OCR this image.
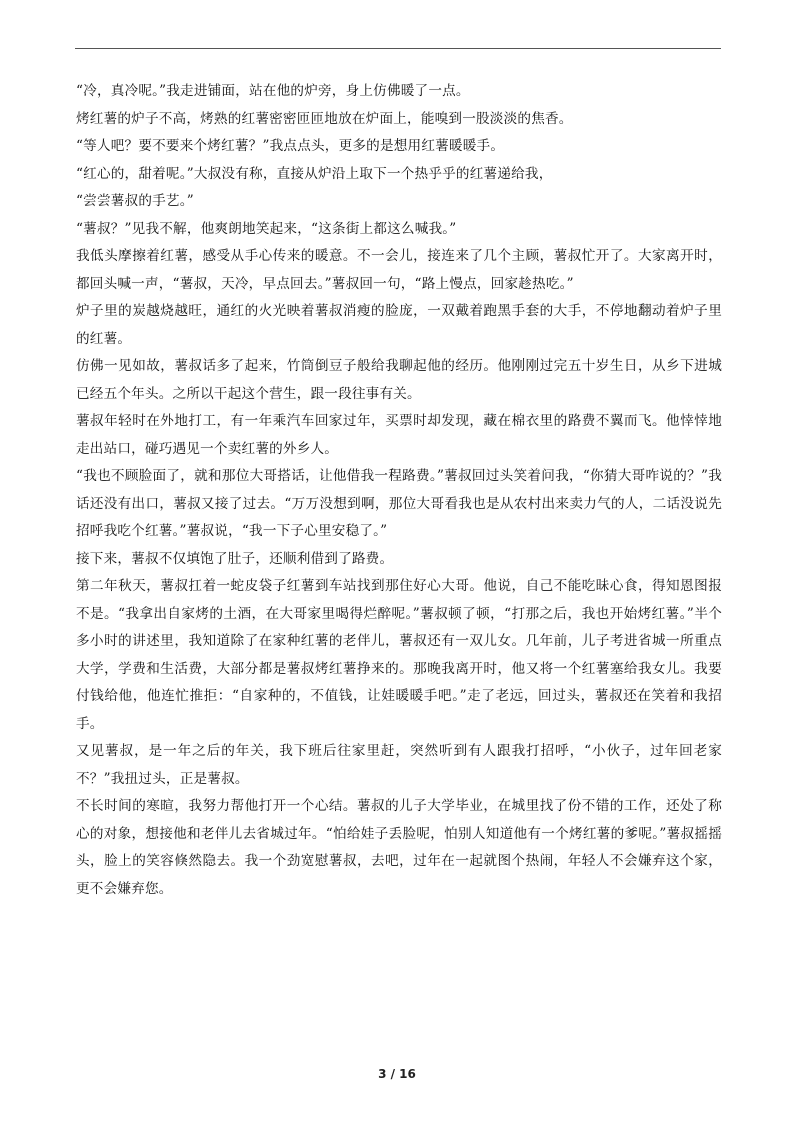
“冷，真冷呢。”我走进铺面，站在他的炉旁，身上仿佛暖了一点。

烤红薯的炉子不高，烤熟的红薯密密匝匝地放在炉面上，能嗅到一股淡淡的焦香。

“等人吧？要不要来个烤红薯？”我点点头，更多的是想用红薯暖暖手。

“红心的，甜着呢。”大叔没有称，直接从炉沿上取下一个热乎乎的红薯递给我，

“尝尝薯叔的手艺。”

“薯叔？”见我不解，他爽朗地笑起来，“这条街上都这么喊我。”

我低头摩擦着红薯，感受从手心传来的暖意。不一会儿，接连来了几个主顾，薯叔忙开了。大家离开时，都回头喊一声，“薯叔，天冷，早点回去。”薯叔回一句，“路上慢点，回家趁热吃。”

炉子里的炭越烧越旺，通红的火光映着薯叔消瘦的脸庞，一双戴着跑黑手套的大手，不停地翻动着炉子里的红薯。

仿佛一见如故，薯叔话多了起来，竹筒倒豆子般给我聊起他的经历。他刚刚过完五十岁生日，从乡下进城已经五个年头。之所以干起这个营生，跟一段往事有关。

薯叔年轻时在外地打工，有一年乘汽车回家过年，买票时却发现，藏在棉衣里的路费不翼而飞。他悻悻地走出站口，碰巧遇见一个卖红薯的外乡人。

“我也不顾脸面了，就和那位大哥搭话，让他借我一程路费。”薯叔回过头笑着问我，“你猜大哥咋说的？”我话还没有出口，薯叔又接了过去。“万万没想到啊，那位大哥看我也是从农村出来卖力气的人，二话没说先招呼我吃个红薯。”薯叔说，“我一下子心里安稳了。”

接下来，薯叔不仅填饱了肚子，还顺利借到了路费。

第二年秋天，薯叔扛着一蛇皮袋子红薯到车站找到那住好心大哥。他说，自己不能吃昧心食，得知恩图报不是。“我拿出自家烤的土酒，在大哥家里喝得烂醉呢。”薯叔顿了顿，“打那之后，我也开始烤红薯。”半个多小时的讲述里，我知道除了在家种红薯的老伴儿，薯叔还有一双儿女。几年前，儿子考进省城一所重点大学，学费和生活费，大部分都是薯叔烤红薯挣来的。那晚我离开时，他又将一个红薯塞给我女儿。我要付钱给他，他连忙推拒：“自家种的，不值钱，让娃暖暖手吧。”走了老远，回过头，薯叔还在笑着和我招手。

又见薯叔，是一年之后的年关，我下班后往家里赶，突然听到有人跟我打招呼，“小伙子，过年回老家不？”我扭过头，正是薯叔。

不长时间的寒暄，我努力帮他打开一个心结。薯叔的儿子大学毕业，在城里找了份不错的工作，还处了称心的对象，想接他和老伴儿去省城过年。“怕给娃子丢脸呢，怕别人知道他有一个烤红薯的爹呢。”薯叔摇摇头，脸上的笑容倏然隐去。我一个劲宽慰薯叔，去吧，过年在一起就图个热闹，年轻人不会嫌弃这个家，更不会嫌弃您。

3 / 16
